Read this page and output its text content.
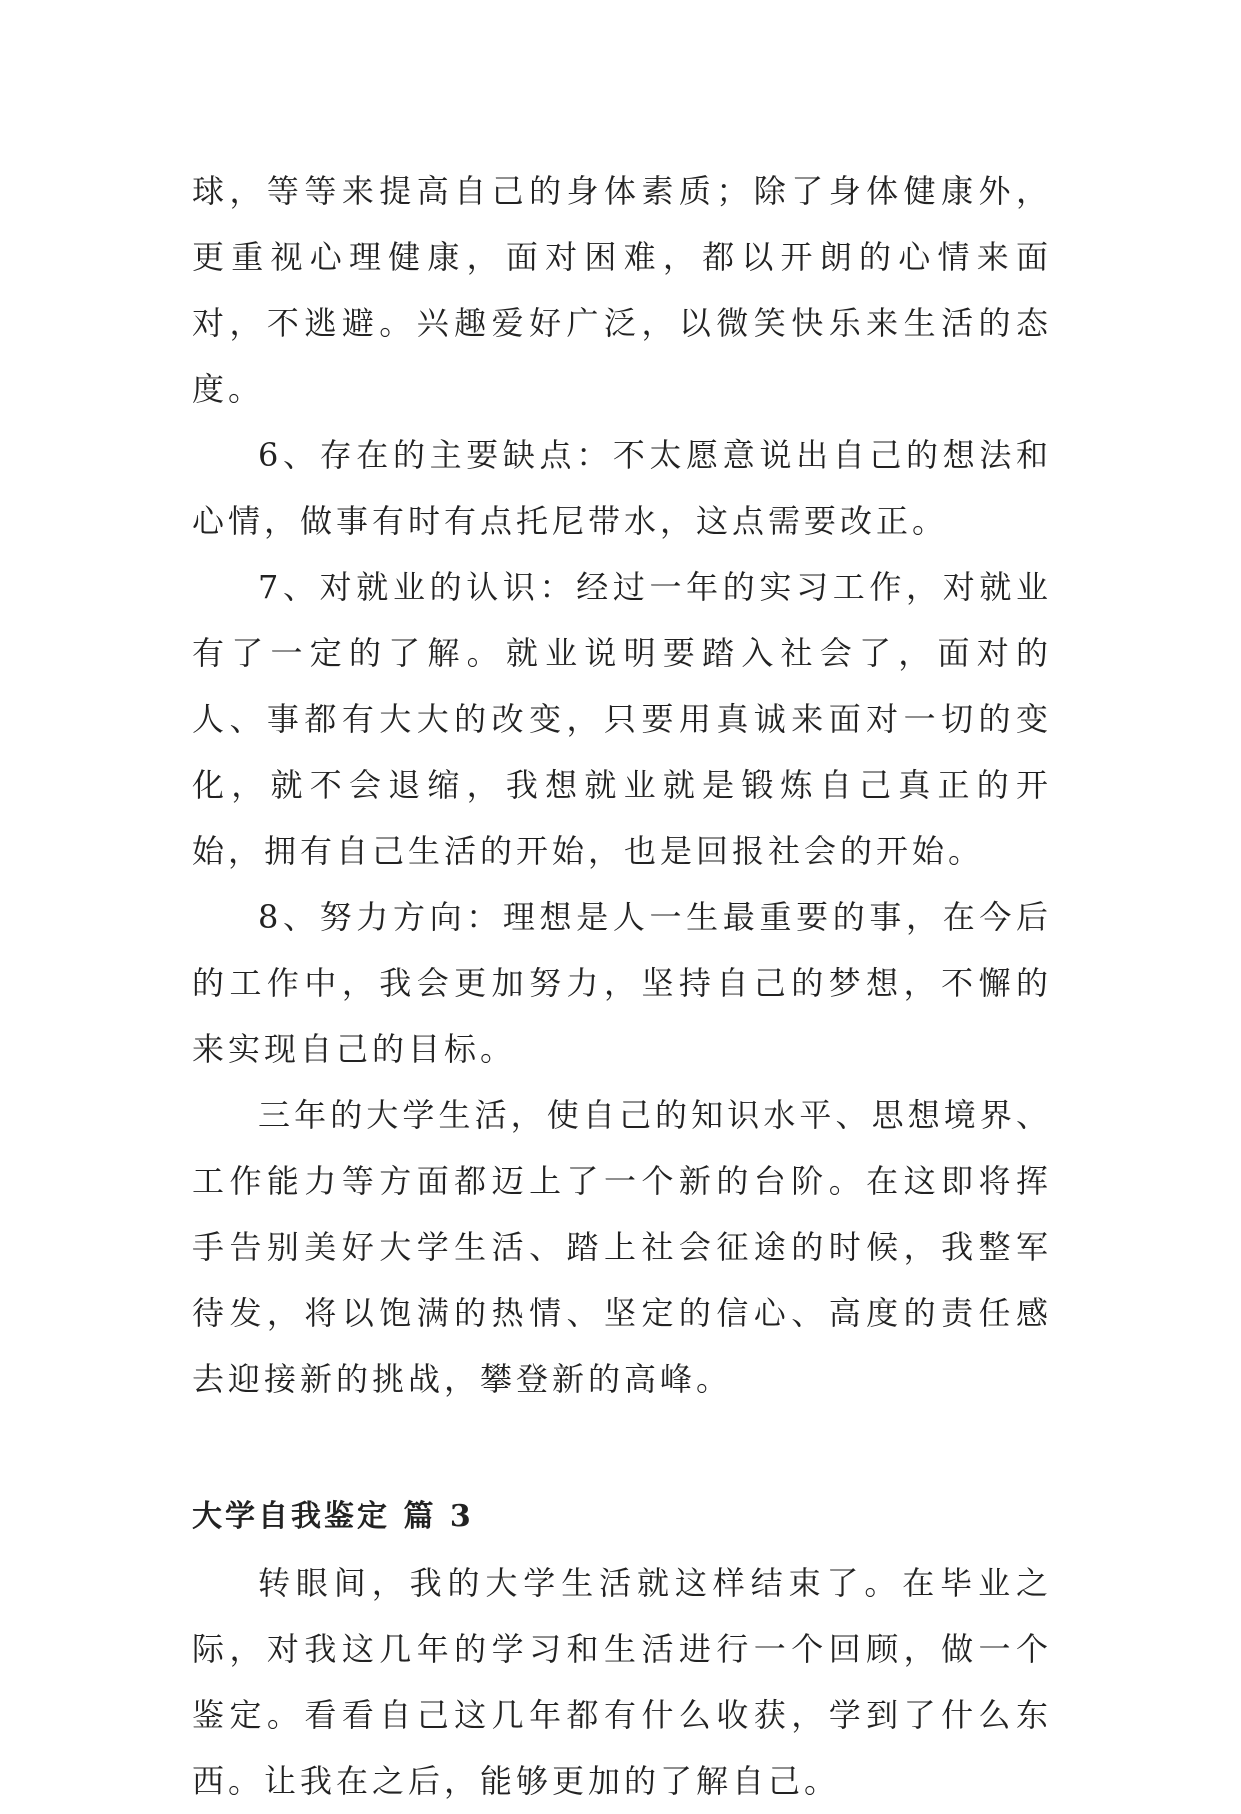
球，等等来提高自己的身体素质；除了身体健康外，更重视心理健康，面对困难，都以开朗的心情来面对，不逃避。兴趣爱好广泛，以微笑快乐来生活的态度。

6、存在的主要缺点：不太愿意说出自己的想法和心情，做事有时有点托尼带水，这点需要改正。

7、对就业的认识：经过一年的实习工作，对就业有了一定的了解。就业说明要踏入社会了，面对的人、事都有大大的改变，只要用真诚来面对一切的变化，就不会退缩，我想就业就是锻炼自己真正的开始，拥有自己生活的开始，也是回报社会的开始。

8、努力方向：理想是人一生最重要的事，在今后的工作中，我会更加努力，坚持自己的梦想，不懈的来实现自己的目标。

三年的大学生活，使自己的知识水平、思想境界、工作能力等方面都迈上了一个新的台阶。在这即将挥手告别美好大学生活、踏上社会征途的时候，我整军待发，将以饱满的热情、坚定的信心、高度的责任感去迎接新的挑战，攀登新的高峰。

大学自我鉴定 篇 3

转眼间，我的大学生活就这样结束了。在毕业之际，对我这几年的学习和生活进行一个回顾，做一个鉴定。看看自己这几年都有什么收获，学到了什么东西。让我在之后，能够更加的了解自己。
